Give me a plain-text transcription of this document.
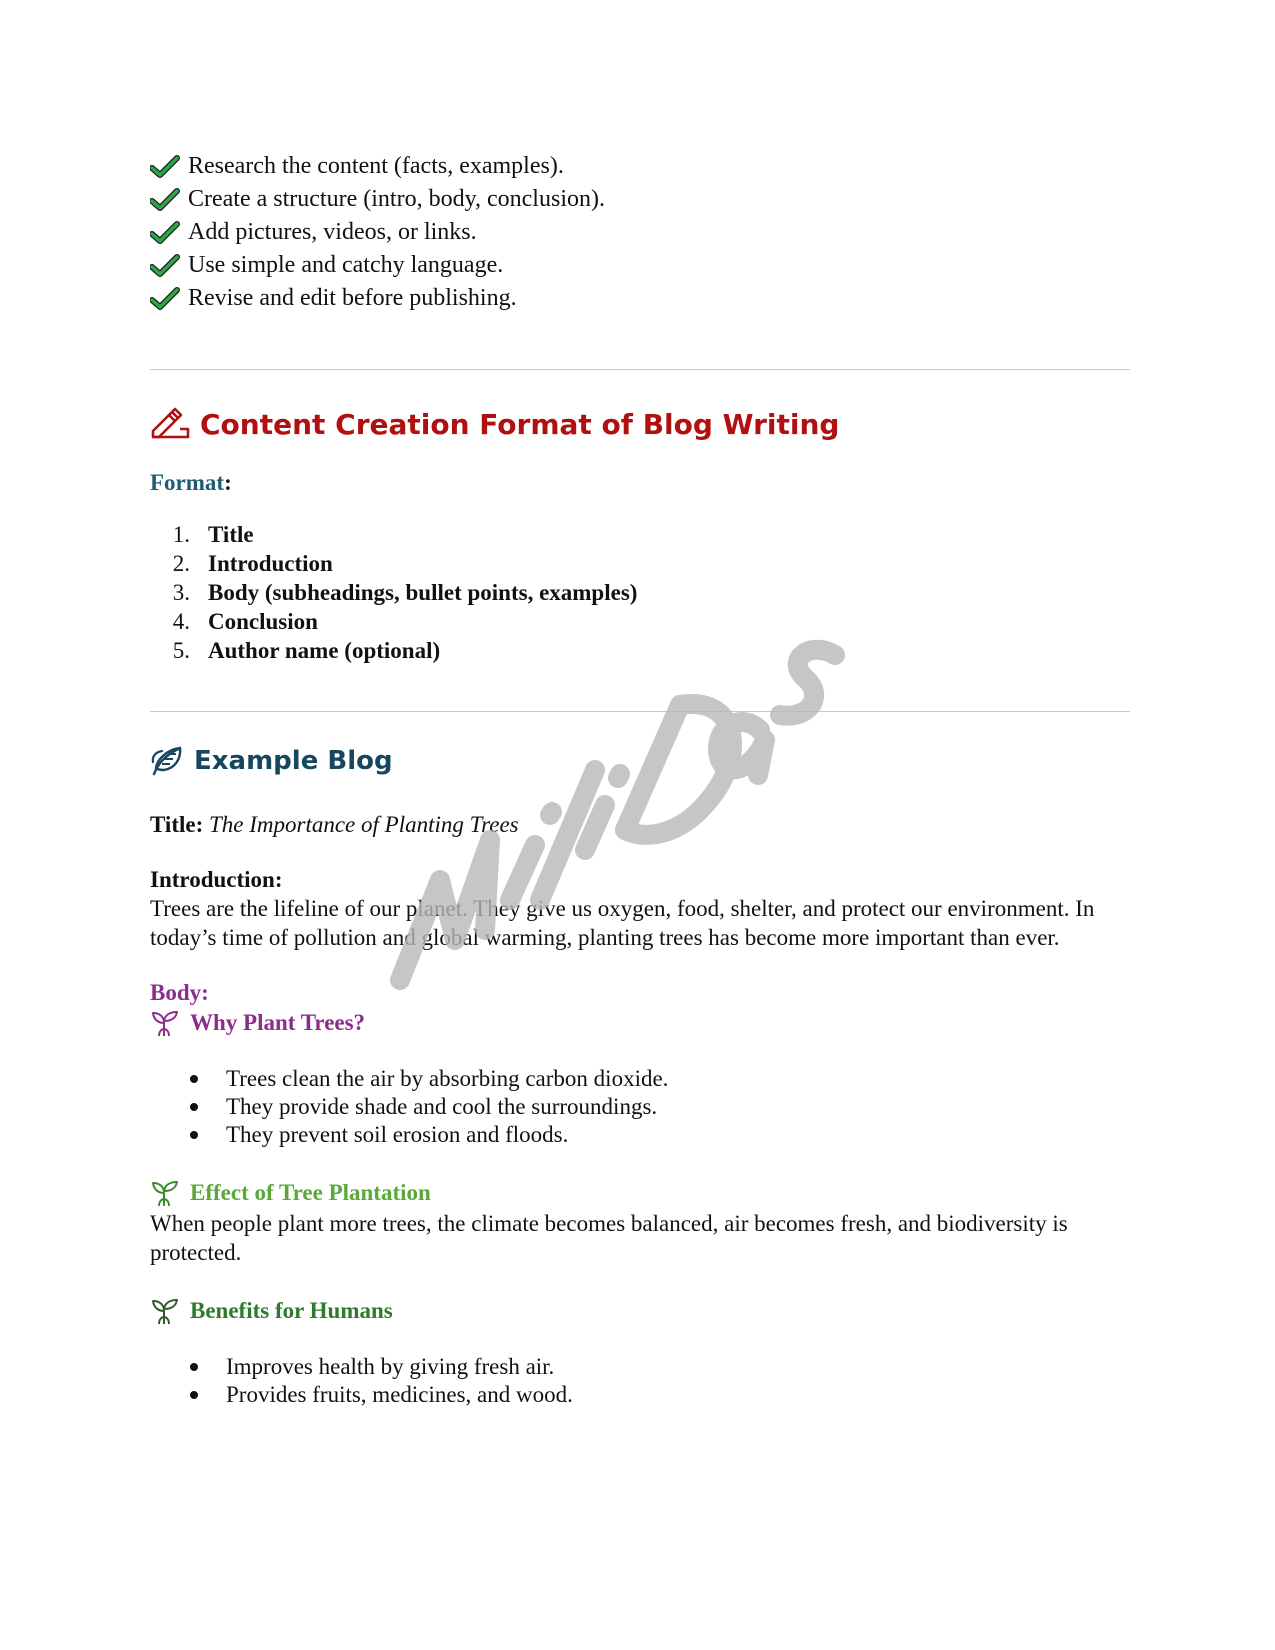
Research the content (facts, examples).
Create a structure (intro, body, conclusion).
Add pictures, videos, or links.
Use simple and catchy language.
Revise and edit before publishing.
Content Creation Format of Blog Writing
Format:
1. Title
2. Introduction
3. Body (subheadings, bullet points, examples)
4. Conclusion
5. Author name (optional)
Example Blog

Title: The Importance of Planting Trees

Introduction:

Trees are the lifeline of our planet. They give us oxygen, food, shelter, and protect our environment. In today’s time of pollution and global warming, planting trees has become more important than ever.

Body:

Why Plant Trees?
Trees clean the air by absorbing carbon dioxide.
They provide shade and cool the surroundings.
They prevent soil erosion and floods.
Effect of Tree Plantation

When people plant more trees, the climate becomes balanced, air becomes fresh, and biodiversity is protected.

Benefits for Humans
Improves health by giving fresh air.
Provides fruits, medicines, and wood.
